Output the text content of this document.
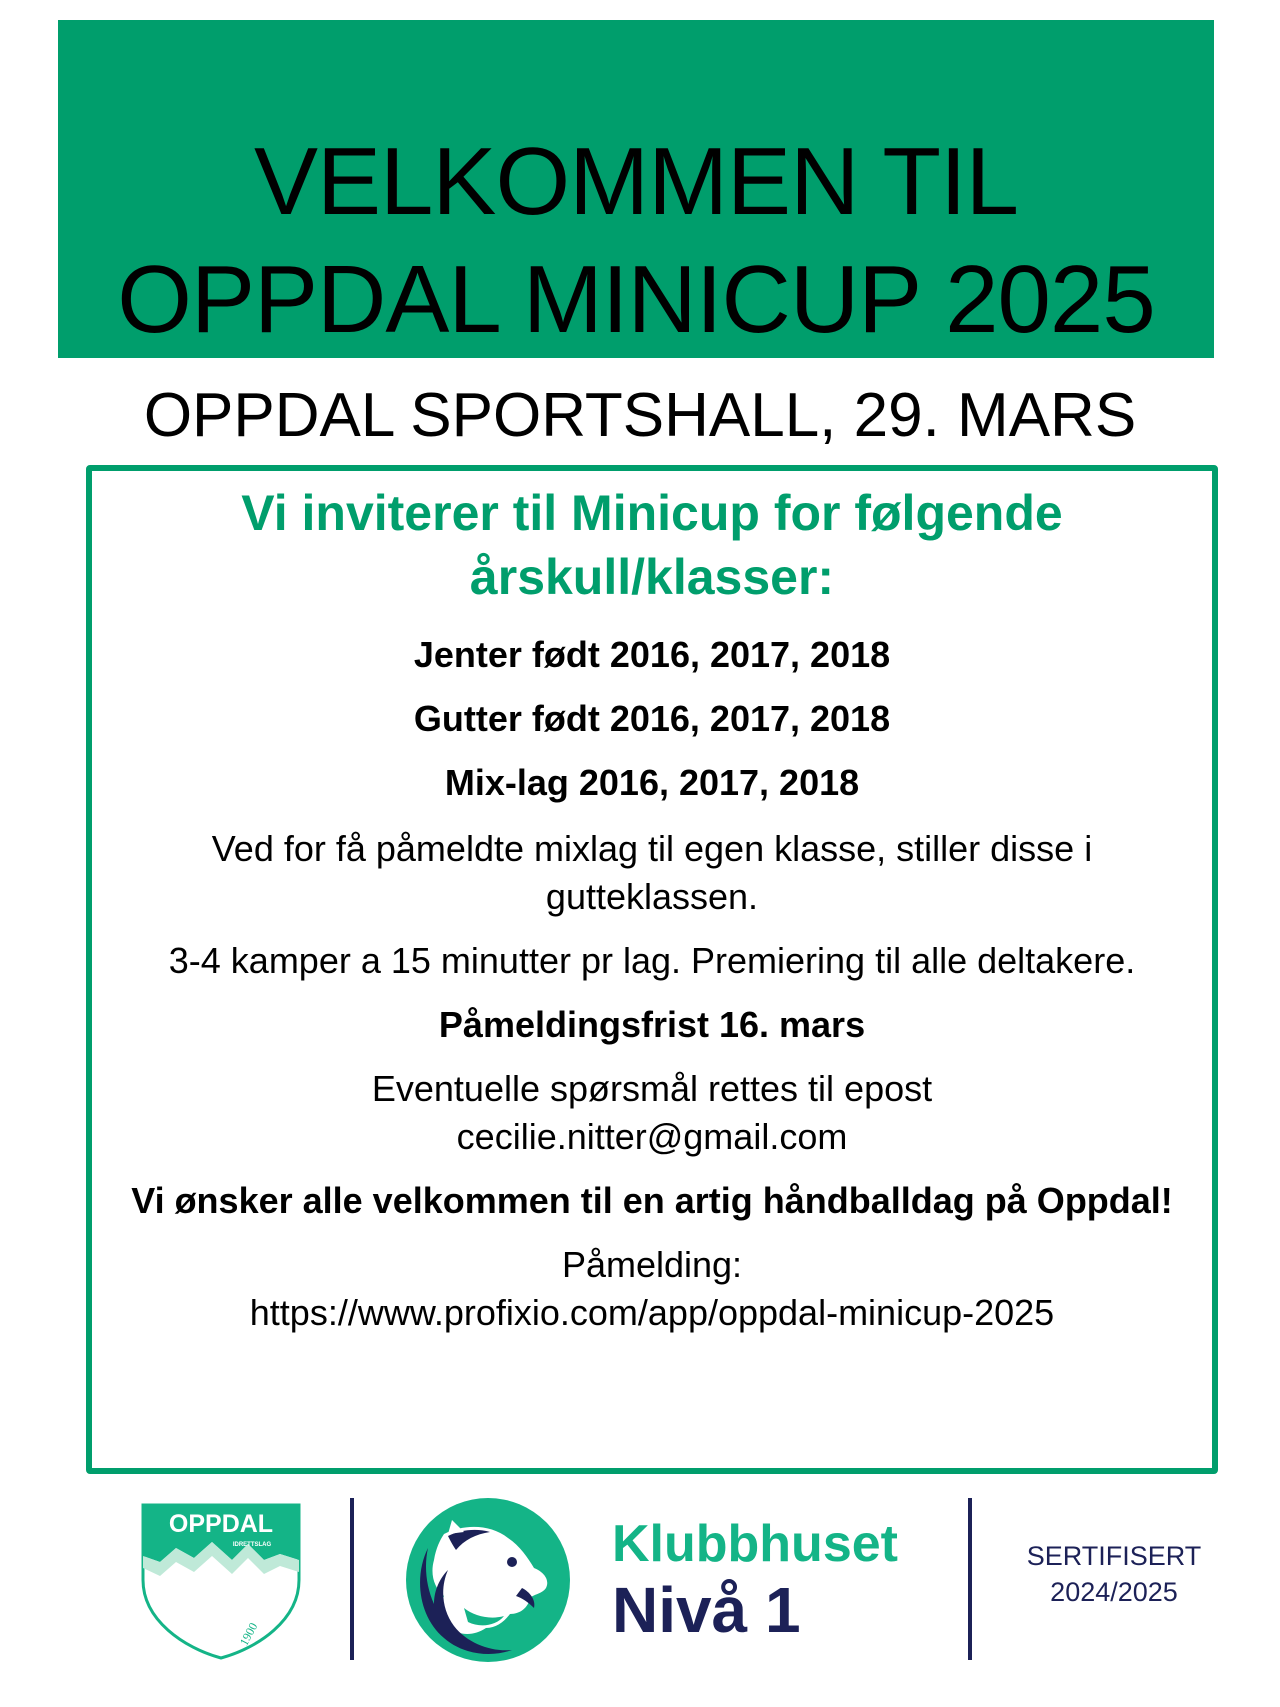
VELKOMMEN TIL
OPPDAL MINICUP 2025
OPPDAL SPORTSHALL, 29. MARS
Vi inviterer til Minicup for følgende årskull/klasser:
Jenter født 2016, 2017, 2018
Gutter født 2016, 2017, 2018
Mix-lag 2016, 2017, 2018

Ved for få påmeldte mixlag til egen klasse, stiller disse i gutteklassen.

3-4 kamper a 15 minutter pr lag. Premiering til alle deltakere.

Påmeldingsfrist 16. mars

Eventuelle spørsmål rettes til epost
cecilie.nitter@gmail.com

Vi ønsker alle velkommen til en artig håndballdag på Oppdal!

Påmelding:
https://www.profixio.com/app/oppdal-minicup-2025

OPPDAL
IDRETTSLAG
1900
Klubbhuset
Nivå 1
SERTIFISERT
2024/2025
